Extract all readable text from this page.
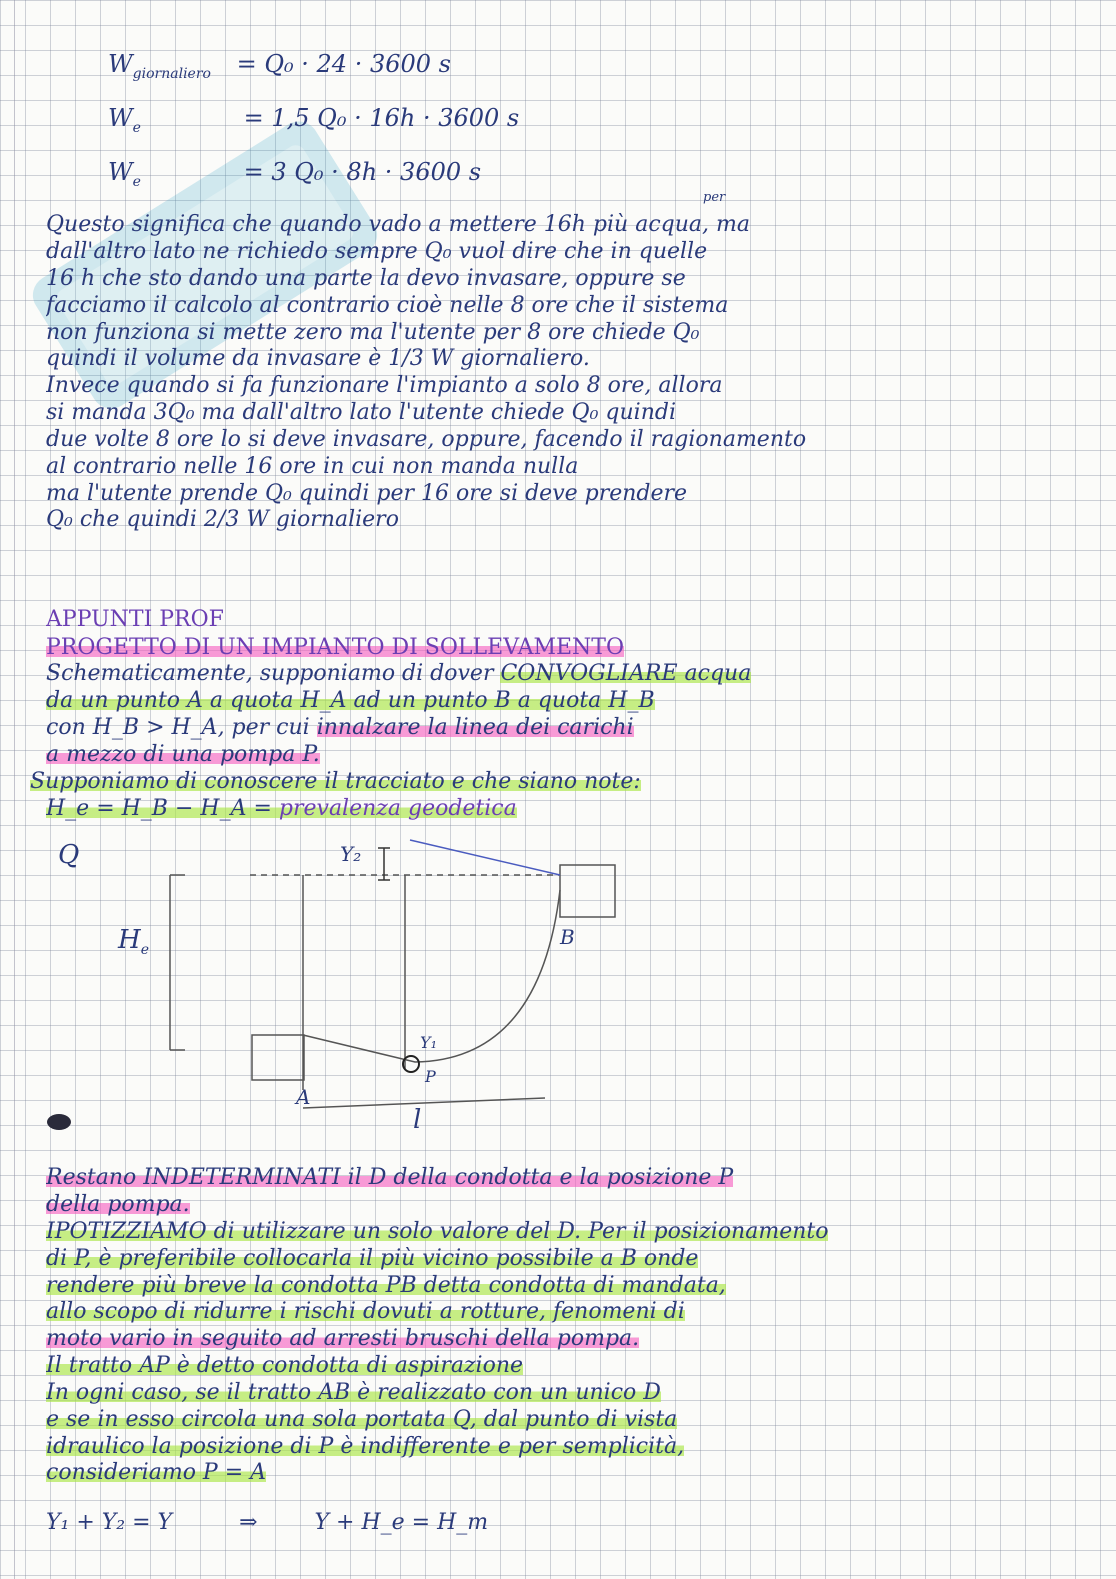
$W_{giornaliero} = Q_0 \cdot 24 \cdot 3600$ s
$W_e$	= 1,5 Q₀ · 16h · 3600 s
$W_e$	= 3 Q₀ · 8h · 3600 s
per
Questo significa che quando vado a mettere 16h più acqua, ma
dall'altro lato ne richiedo sempre Q₀ vuol dire che in quelle
16 h che sto dando una parte la devo invasare, oppure se
facciamo il calcolo al contrario cioè nelle 8 ore che il sistema
non funziona si mette zero ma l'utente per 8 ore chiede Q₀
quindi il volume da invasare è 1/3 W giornaliero.
Invece quando si fa funzionare l'impianto a solo 8 ore, allora
si manda 3Q₀ ma dall'altro lato l'utente chiede Q₀ quindi
due volte 8 ore lo si deve invasare, oppure, facendo il ragionamento
al contrario nelle 16 ore in cui non manda nulla
ma l'utente prende Q₀ quindi per 16 ore si deve prendere
Q₀ che quindi 2/3 W giornaliero
APPUNTI PROF
PROGETTO DI UN IMPIANTO DI SOLLEVAMENTO
Schematicamente, supponiamo di dover CONVOGLIARE acqua
da un punto A a quota H_A ad un punto B a quota H_B
con H_B > H_A, per cui innalzare la linea dei carichi
a mezzo di una pompa P.
Supponiamo di conoscere il tracciato e che siano note:
H_e = H_B − H_A = prevalenza geodetica
Q
$H_e$
Y₂
Y₁
B
A
P
l
Restano INDETERMINATI il D della condotta e la posizione P
della pompa.
IPOTIZZIAMO di utilizzare un solo valore del D. Per il posizionamento
di P, è preferibile collocarla il più vicino possibile a B onde
rendere più breve la condotta PB detta condotta di mandata,
allo scopo di ridurre i rischi dovuti a rotture, fenomeni di
moto vario in seguito ad arresti bruschi della pompa.
Il tratto AP è detto condotta di aspirazione
In ogni caso, se il tratto AB è realizzato con un unico D
e se in esso circola una sola portata Q, dal punto di vista
idraulico la posizione di P è indifferente e per semplicità,
consideriamo P = A
Y₁ + Y₂ = Y	⇒	Y + H_e = H_m
